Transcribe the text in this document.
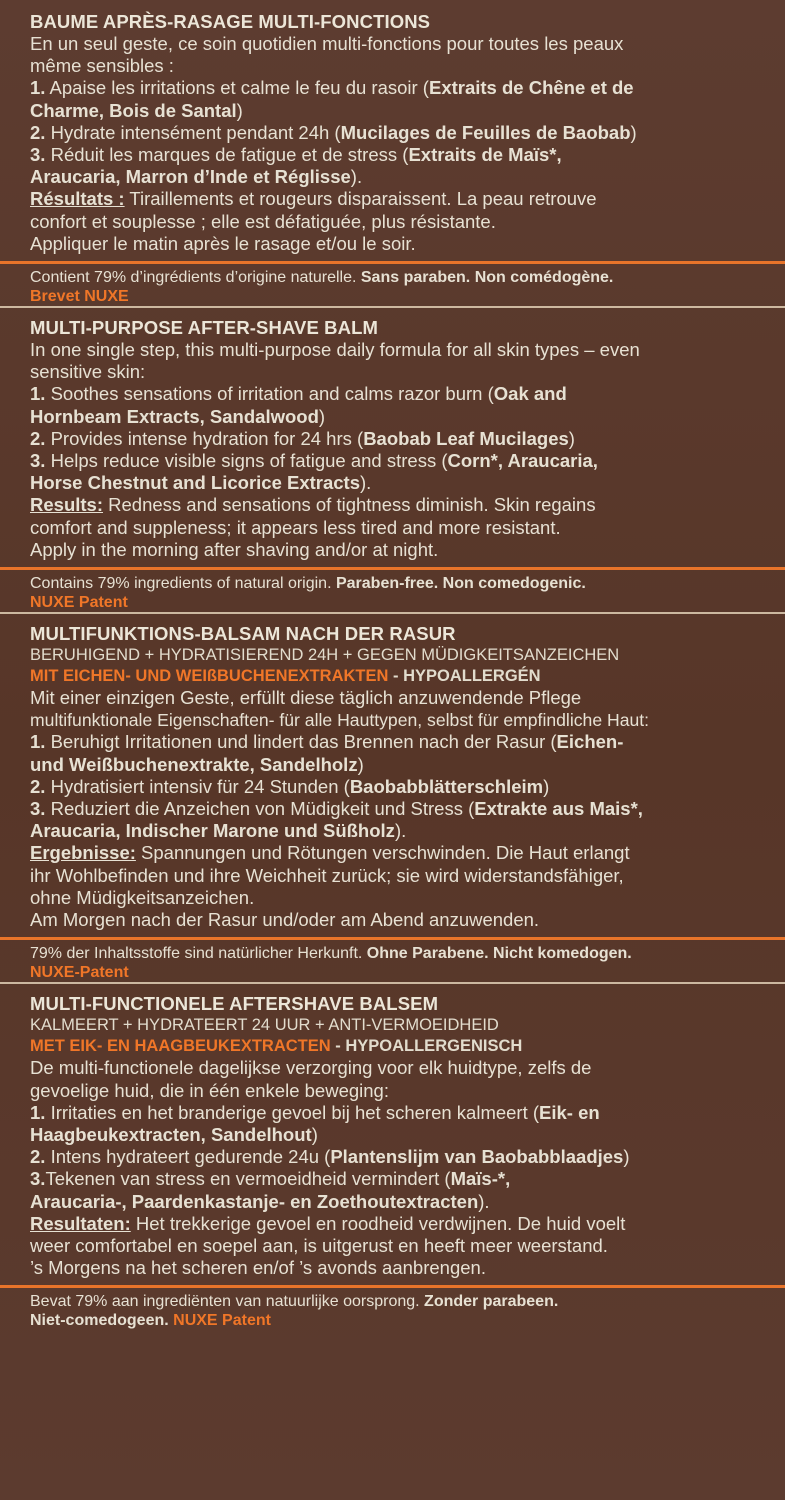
BAUME APRÈS-RASAGE MULTI-FONCTIONS
En un seul geste, ce soin quotidien multi-fonctions pour toutes les peaux
même sensibles :
1. Apaise les irritations et calme le feu du rasoir (Extraits de Chêne et de
Charme, Bois de Santal)
2. Hydrate intensément pendant 24h (Mucilages de Feuilles de Baobab)
3. Réduit les marques de fatigue et de stress (Extraits de Maïs*,
Araucaria, Marron d’Inde et Réglisse).
Résultats : Tiraillements et rougeurs disparaissent. La peau retrouve
confort et souplesse ; elle est défatiguée, plus résistante.
Appliquer le matin après le rasage et/ou le soir.
Contient 79% d’ingrédients d’origine naturelle. Sans paraben. Non comédogène.
Brevet NUXE
MULTI-PURPOSE AFTER-SHAVE BALM
In one single step, this multi-purpose daily formula for all skin types – even
sensitive skin:
1. Soothes sensations of irritation and calms razor burn (Oak and
Hornbeam Extracts, Sandalwood)
2. Provides intense hydration for 24 hrs (Baobab Leaf Mucilages)
3. Helps reduce visible signs of fatigue and stress (Corn*, Araucaria,
Horse Chestnut and Licorice Extracts).
Results: Redness and sensations of tightness diminish. Skin regains
comfort and suppleness; it appears less tired and more resistant.
Apply in the morning after shaving and/or at night.
Contains 79% ingredients of natural origin. Paraben-free. Non comedogenic.
NUXE Patent
MULTIFUNKTIONS-BALSAM NACH DER RASUR
BERUHIGEND + HYDRATISIEREND 24H + GEGEN MÜDIGKEITSANZEICHEN
MIT EICHEN- UND WEIßBUCHENEXTRAKTEN - HYPOALLERGÉN
Mit einer einzigen Geste, erfüllt diese täglich anzuwendende Pflege
multifunktionale Eigenschaften- für alle Hauttypen, selbst für empfindliche Haut:
1. Beruhigt Irritationen und lindert das Brennen nach der Rasur (Eichen-
und Weißbuchenextrakte, Sandelholz)
2. Hydratisiert intensiv für 24 Stunden (Baobabblätterschleim)
3. Reduziert die Anzeichen von Müdigkeit und Stress (Extrakte aus Mais*,
Araucaria, Indischer Marone und Süßholz).
Ergebnisse: Spannungen und Rötungen verschwinden. Die Haut erlangt
ihr Wohlbefinden und ihre Weichheit zurück; sie wird widerstandsfähiger,
ohne Müdigkeitsanzeichen.
Am Morgen nach der Rasur und/oder am Abend anzuwenden.
79% der Inhaltsstoffe sind natürlicher Herkunft. Ohne Parabene. Nicht komedogen.
NUXE-Patent
MULTI-FUNCTIONELE AFTERSHAVE BALSEM
KALMEERT + HYDRATEERT 24 UUR + ANTI-VERMOEIDHEID
MET EIK- EN HAAGBEUKEXTRACTEN - HYPOALLERGENISCH
De multi-functionele dagelijkse verzorging voor elk huidtype, zelfs de
gevoelige huid, die in één enkele beweging:
1. Irritaties en het branderige gevoel bij het scheren kalmeert (Eik- en
Haagbeukextracten, Sandelhout)
2. Intens hydrateert gedurende 24u (Plantenslijm van Baobabblaadjes)
3.Tekenen van stress en vermoeidheid vermindert (Maïs-*,
Araucaria-, Paardenkastanje- en Zoethoutextracten).
Resultaten: Het trekkerige gevoel en roodheid verdwijnen. De huid voelt
weer comfortabel en soepel aan, is uitgerust en heeft meer weerstand.
’s Morgens na het scheren en/of ’s avonds aanbrengen.
Bevat 79% aan ingrediënten van natuurlijke oorsprong. Zonder parabeen.
Niet-comedogeen. NUXE Patent
